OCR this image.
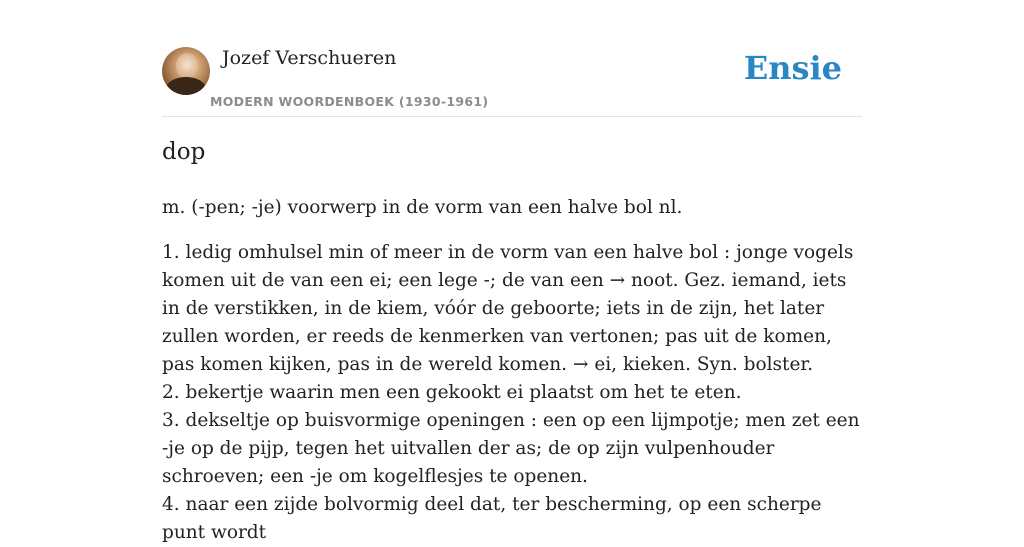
Jozef Verschueren
MODERN WOORDENBOEK (1930-1961)
Ensie
dop
m. (-pen; -je) voorwerp in de vorm van een halve bol nl.
1. ledig omhulsel min of meer in de vorm van een halve bol : jonge vogels komen uit de van een ei; een lege -; de van een → noot. Gez. iemand, iets in de verstikken, in de kiem, vóór de geboorte; iets in de zijn, het later zullen worden, er reeds de kenmerken van vertonen; pas uit de komen, pas komen kijken, pas in de wereld komen. → ei, kieken. Syn. bolster.
2. bekertje waarin men een gekookt ei plaatst om het te eten.
3. dekseltje op buisvormige openingen : een op een lijmpotje; men zet een -je op de pijp, tegen het uitvallen der as; de op zijn vulpenhouder schroeven; een -je om kogelflesjes te openen.
4. naar een zijde bolvormig deel dat, ter bescherming, op een scherpe punt wordt
